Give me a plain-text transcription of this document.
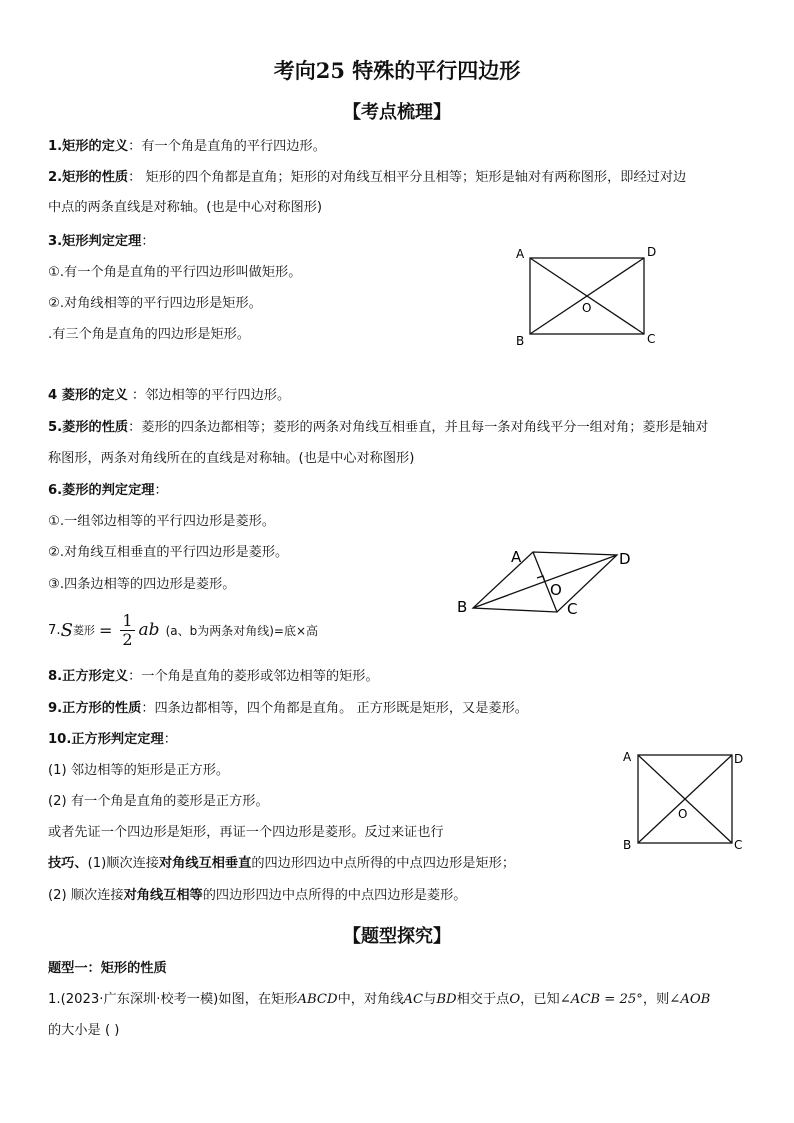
考向25 特殊的平行四边形
【考点梳理】
1.矩形的定义：有一个角是直角的平行四边形。
2.矩形的性质： 矩形的四个角都是直角；矩形的对角线互相平分且相等；矩形是轴对有两称图形，即经过对边
中点的两条直线是对称轴。(也是中心对称图形)
3.矩形判定定理：
①.有一个角是直角的平行四边形叫做矩形。
②.对角线相等的平行四边形是矩形。
.有三个角是直角的四边形是矩形。
A	D
B	C
O
4 菱形的定义 ：邻边相等的平行四边形。
5.菱形的性质：菱形的四条边都相等；菱形的两条对角线互相垂直，并且每一条对角线平分一组对角；菱形是轴对
称图形，两条对角线所在的直线是对称轴。(也是中心对称图形)
6.菱形的判定定理：
①.一组邻边相等的平行四边形是菱形。
②.对角线互相垂直的平行四边形是菱形。
③.四条边相等的四边形是菱形。
A	D
B	C
O
7. S 菱形 = $\frac{1}{2}$ ab (a、b为两条对角线)=底×高
8.正方形定义：一个角是直角的菱形或邻边相等的矩形。
9.正方形的性质：四条边都相等，四个角都是直角。 正方形既是矩形，又是菱形。
10.正方形判定定理：
(1) 邻边相等的矩形是正方形。
(2) 有一个角是直角的菱形是正方形。
或者先证一个四边形是矩形，再证一个四边形是菱形。反过来证也行
A	D
B	C
O
技巧、(1)顺次连接对角线互相垂直的四边形四边中点所得的中点四边形是矩形；
(2) 顺次连接对角线互相等的四边形四边中点所得的中点四边形是菱形。
【题型探究】
题型一：矩形的性质
1.(2023·广东深圳·校考一模)如图，在矩形ABCD中，对角线AC与BD相交于点O，已知∠ACB = 25°，则∠AOB
的大小是 ( )
